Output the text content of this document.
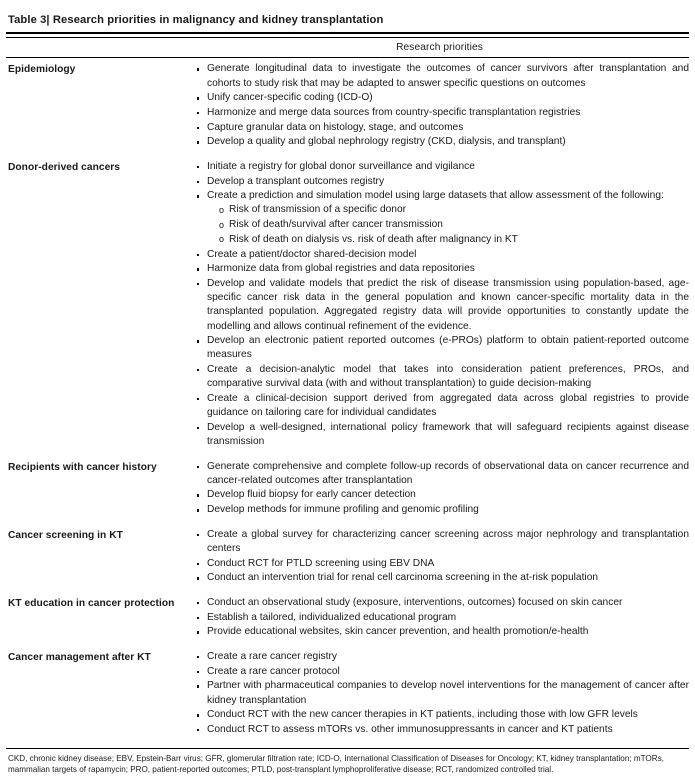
Table 3| Research priorities in malignancy and kidney transplantation
Research priorities
Epidemiology	Generate longitudinal data to investigate the outcomes of cancer survivors after transplantation and cohorts to study risk that may be adapted to answer specific questions on outcomes
Unify cancer-specific coding (ICD-O)
Harmonize and merge data sources from country-specific transplantation registries
Capture granular data on histology, stage, and outcomes
Develop a quality and global nephrology registry (CKD, dialysis, and transplant)
Donor-derived cancers	Initiate a registry for global donor surveillance and vigilance
Develop a transplant outcomes registry
Create a prediction and simulation model using large datasets that allow assessment of the following:
o Risk of transmission of a specific donor
o Risk of death/survival after cancer transmission
o Risk of death on dialysis vs. risk of death after malignancy in KT
Create a patient/doctor shared-decision model
Harmonize data from global registries and data repositories
Develop and validate models that predict the risk of disease transmission using population-based, age-specific cancer risk data in the general population and known cancer-specific mortality data in the transplanted population. Aggregated registry data will provide opportunities to constantly update the modelling and allows continual refinement of the evidence.
Develop an electronic patient reported outcomes (e-PROs) platform to obtain patient-reported outcome measures
Create a decision-analytic model that takes into consideration patient preferences, PROs, and comparative survival data (with and without transplantation) to guide decision-making
Create a clinical-decision support derived from aggregated data across global registries to provide guidance on tailoring care for individual candidates
Develop a well-designed, international policy framework that will safeguard recipients against disease transmission
Recipients with cancer history	Generate comprehensive and complete follow-up records of observational data on cancer recurrence and cancer-related outcomes after transplantation
Develop fluid biopsy for early cancer detection
Develop methods for immune profiling and genomic profiling
Cancer screening in KT	Create a global survey for characterizing cancer screening across major nephrology and transplantation centers
Conduct RCT for PTLD screening using EBV DNA
Conduct an intervention trial for renal cell carcinoma screening in the at-risk population
KT education in cancer protection	Conduct an observational study (exposure, interventions, outcomes) focused on skin cancer
Establish a tailored, individualized educational program
Provide educational websites, skin cancer prevention, and health promotion/e-health
Cancer management after KT	Create a rare cancer registry
Create a rare cancer protocol
Partner with pharmaceutical companies to develop novel interventions for the management of cancer after kidney transplantation
Conduct RCT with the new cancer therapies in KT patients, including those with low GFR levels
Conduct RCT to assess mTORs vs. other immunosuppressants in cancer and KT patients
CKD, chronic kidney disease; EBV, Epstein-Barr virus; GFR, glomerular filtration rate; ICD-O, International Classification of Diseases for Oncology; KT, kidney transplantation; mTORs, mammalian targets of rapamycin; PRO, patient-reported outcomes; PTLD, post-transplant lymphoproliferative disease; RCT, randomized controlled trial.
